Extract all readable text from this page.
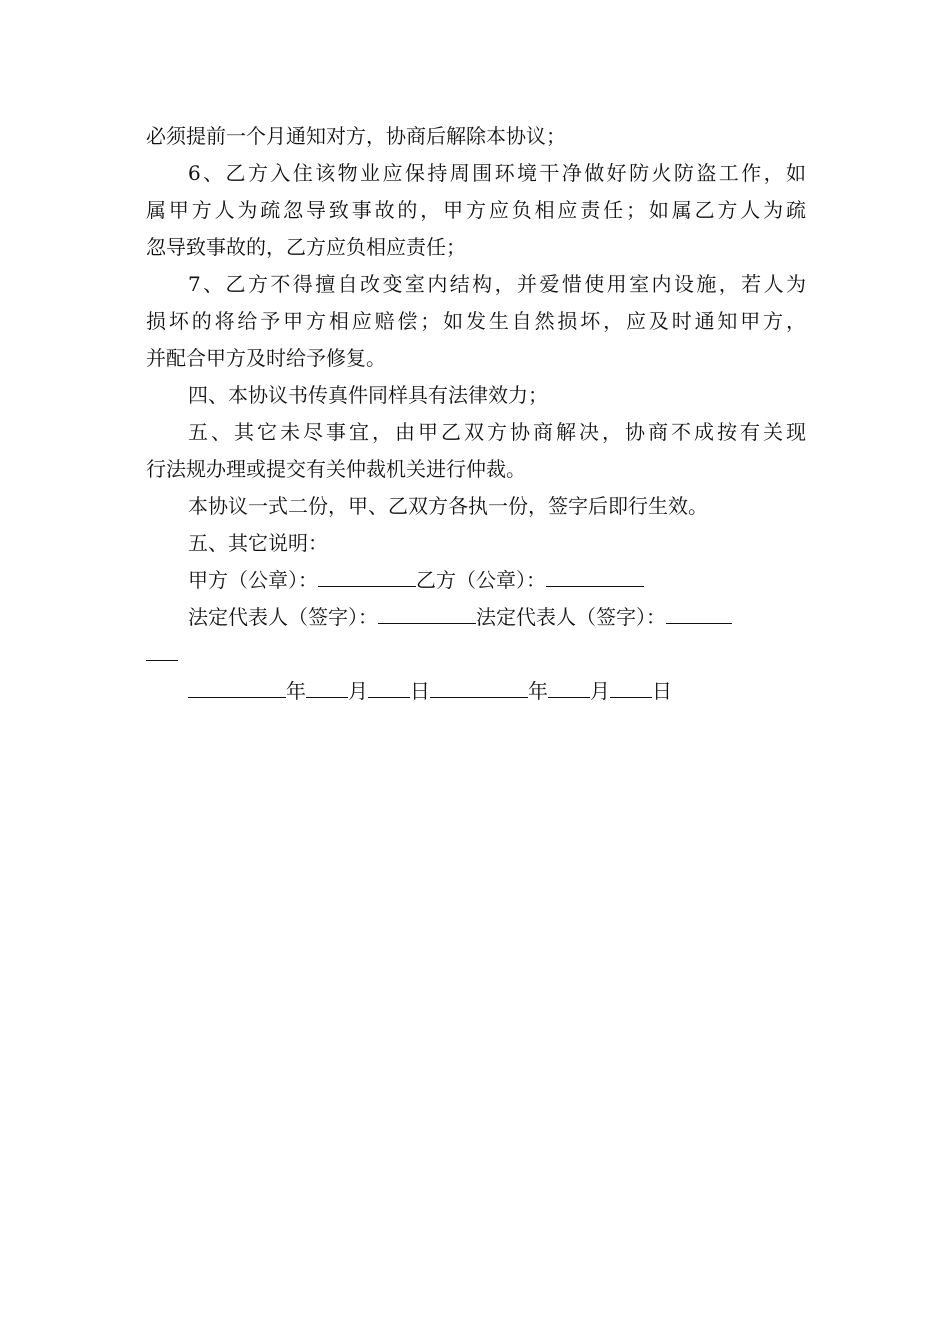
必须提前一个月通知对方，协商后解除本协议；
6、乙方入住该物业应保持周围环境干净做好防火防盗工作，如
属甲方人为疏忽导致事故的，甲方应负相应责任；如属乙方人为疏
忽导致事故的，乙方应负相应责任；
7、乙方不得擅自改变室内结构，并爱惜使用室内设施，若人为
损坏的将给予甲方相应赔偿；如发生自然损坏，应及时通知甲方，
并配合甲方及时给予修复。
四、本协议书传真件同样具有法律效力；
五、其它未尽事宜，由甲乙双方协商解决，协商不成按有关现
行法规办理或提交有关仲裁机关进行仲裁。
本协议一式二份，甲、乙双方各执一份，签字后即行生效。
五、其它说明：
甲方（公章）：	乙方（公章）：
法定代表人（签字）：	法定代表人（签字）：
年 月 日	年 月 日
